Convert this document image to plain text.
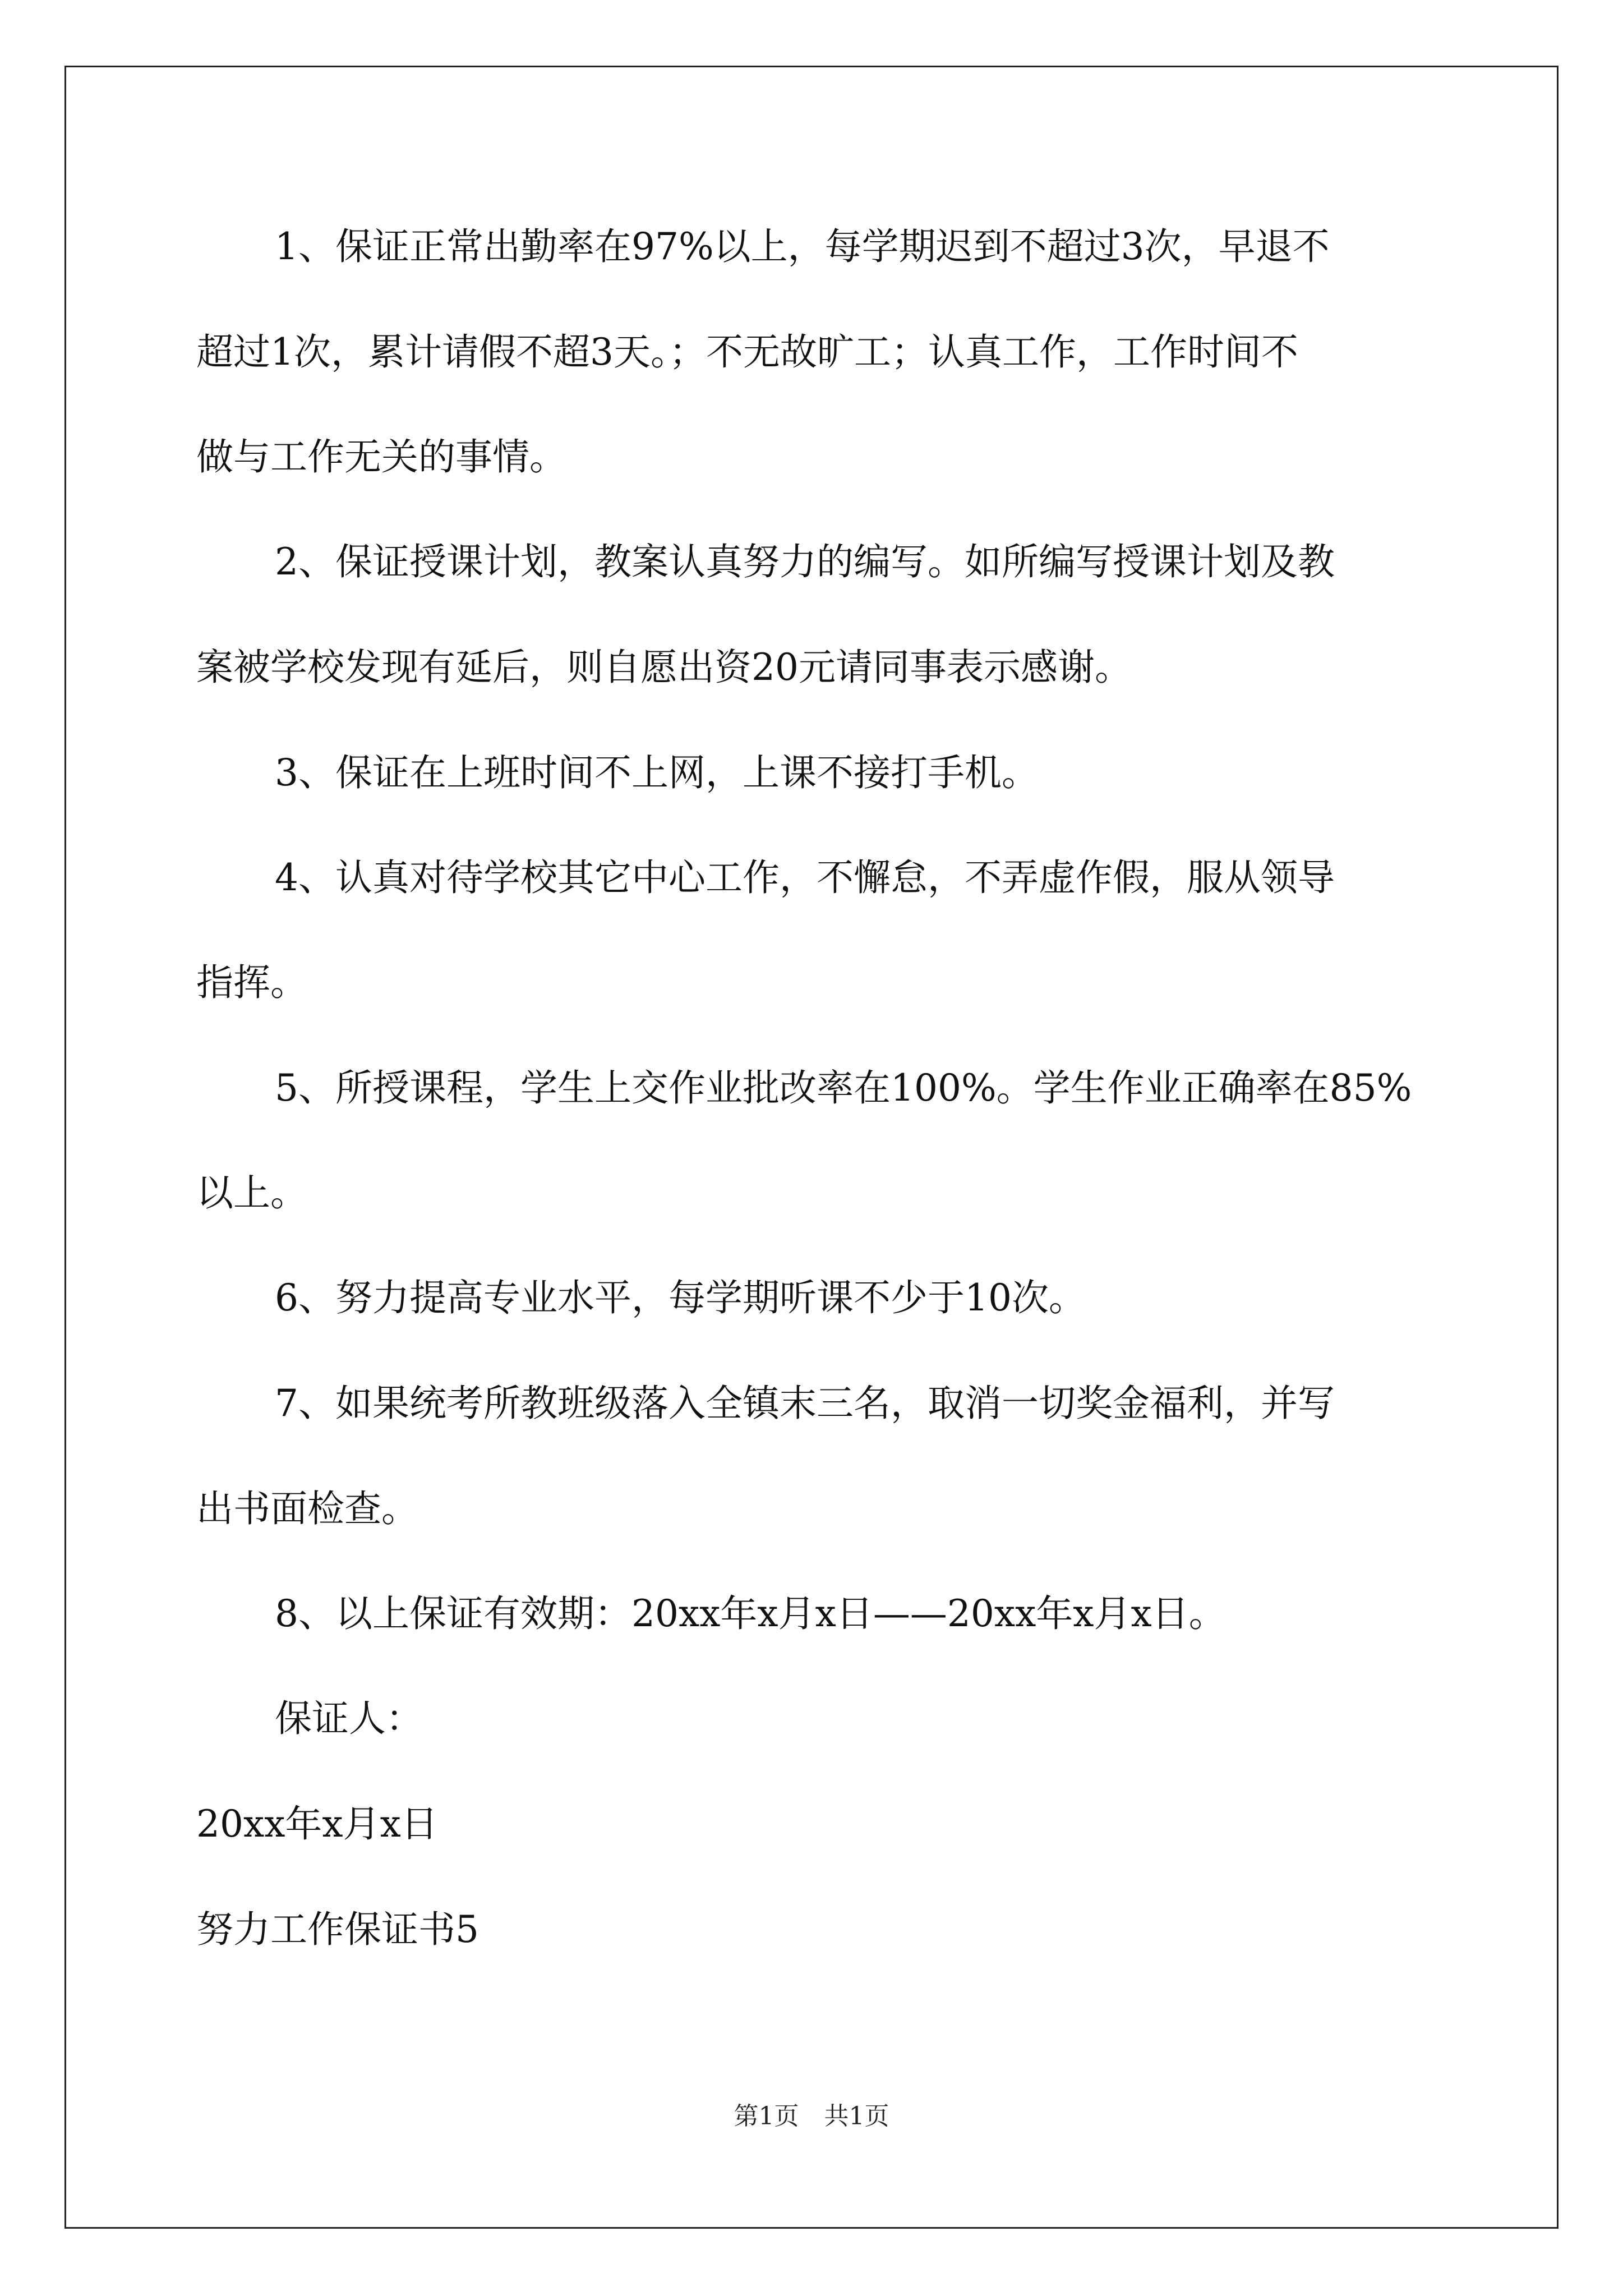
1、保证正常出勤率在97%以上，每学期迟到不超过3次，早退不
超过1次，累计请假不超3天。；不无故旷工；认真工作，工作时间不
做与工作无关的事情。
2、保证授课计划，教案认真努力的编写。如所编写授课计划及教
案被学校发现有延后，则自愿出资20元请同事表示感谢。
3、保证在上班时间不上网，上课不接打手机。
4、认真对待学校其它中心工作，不懈怠，不弄虚作假，服从领导
指挥。
5、所授课程，学生上交作业批改率在100%。学生作业正确率在85%
以上。
6、努力提高专业水平，每学期听课不少于10次。
7、如果统考所教班级落入全镇末三名，取消一切奖金福利，并写
出书面检查。
8、以上保证有效期：20xx年x月x日——20xx年x月x日。
保证人：
20xx年x月x日
努力工作保证书5
第1页 共1页
